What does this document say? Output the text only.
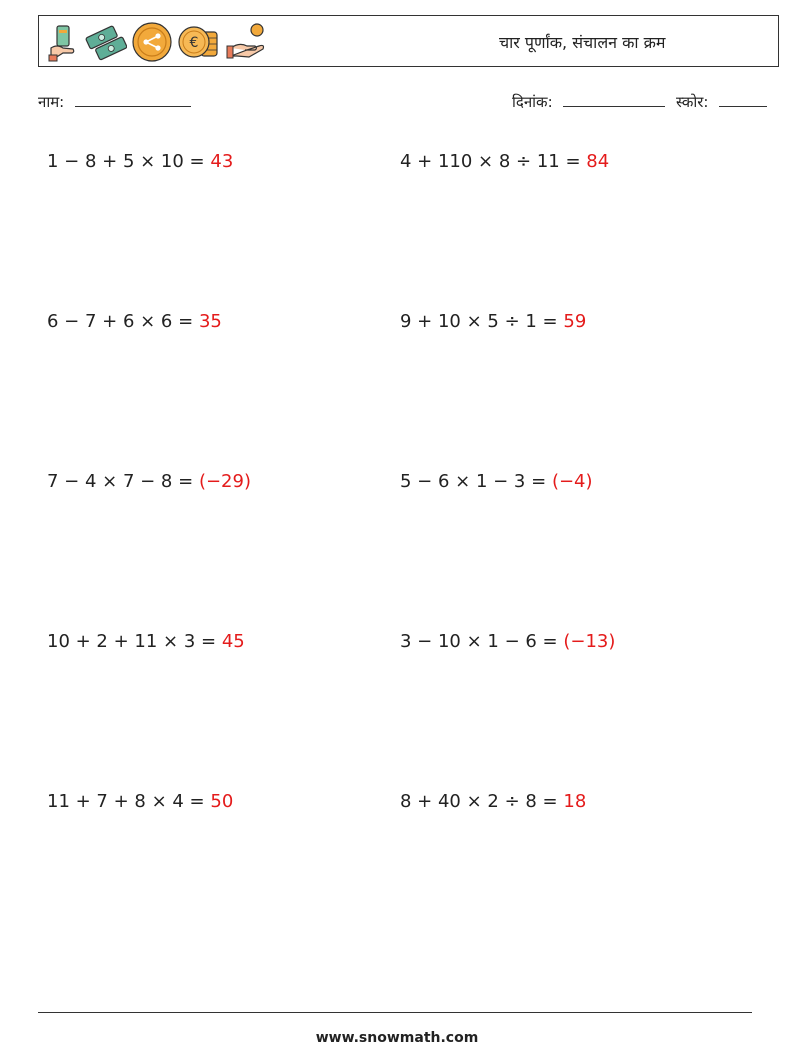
€	चार पूर्णांक, संचालन का क्रम
नाम:	दिनांक:	स्कोर:
1 − 8 + 5 × 10 = 43	4 + 110 × 8 ÷ 11 = 84
6 − 7 + 6 × 6 = 35	9 + 10 × 5 ÷ 1 = 59
7 − 4 × 7 − 8 = (−29)	5 − 6 × 1 − 3 = (−4)
10 + 2 + 11 × 3 = 45	3 − 10 × 1 − 6 = (−13)
11 + 7 + 8 × 4 = 50	8 + 40 × 2 ÷ 8 = 18
www.snowmath.com
